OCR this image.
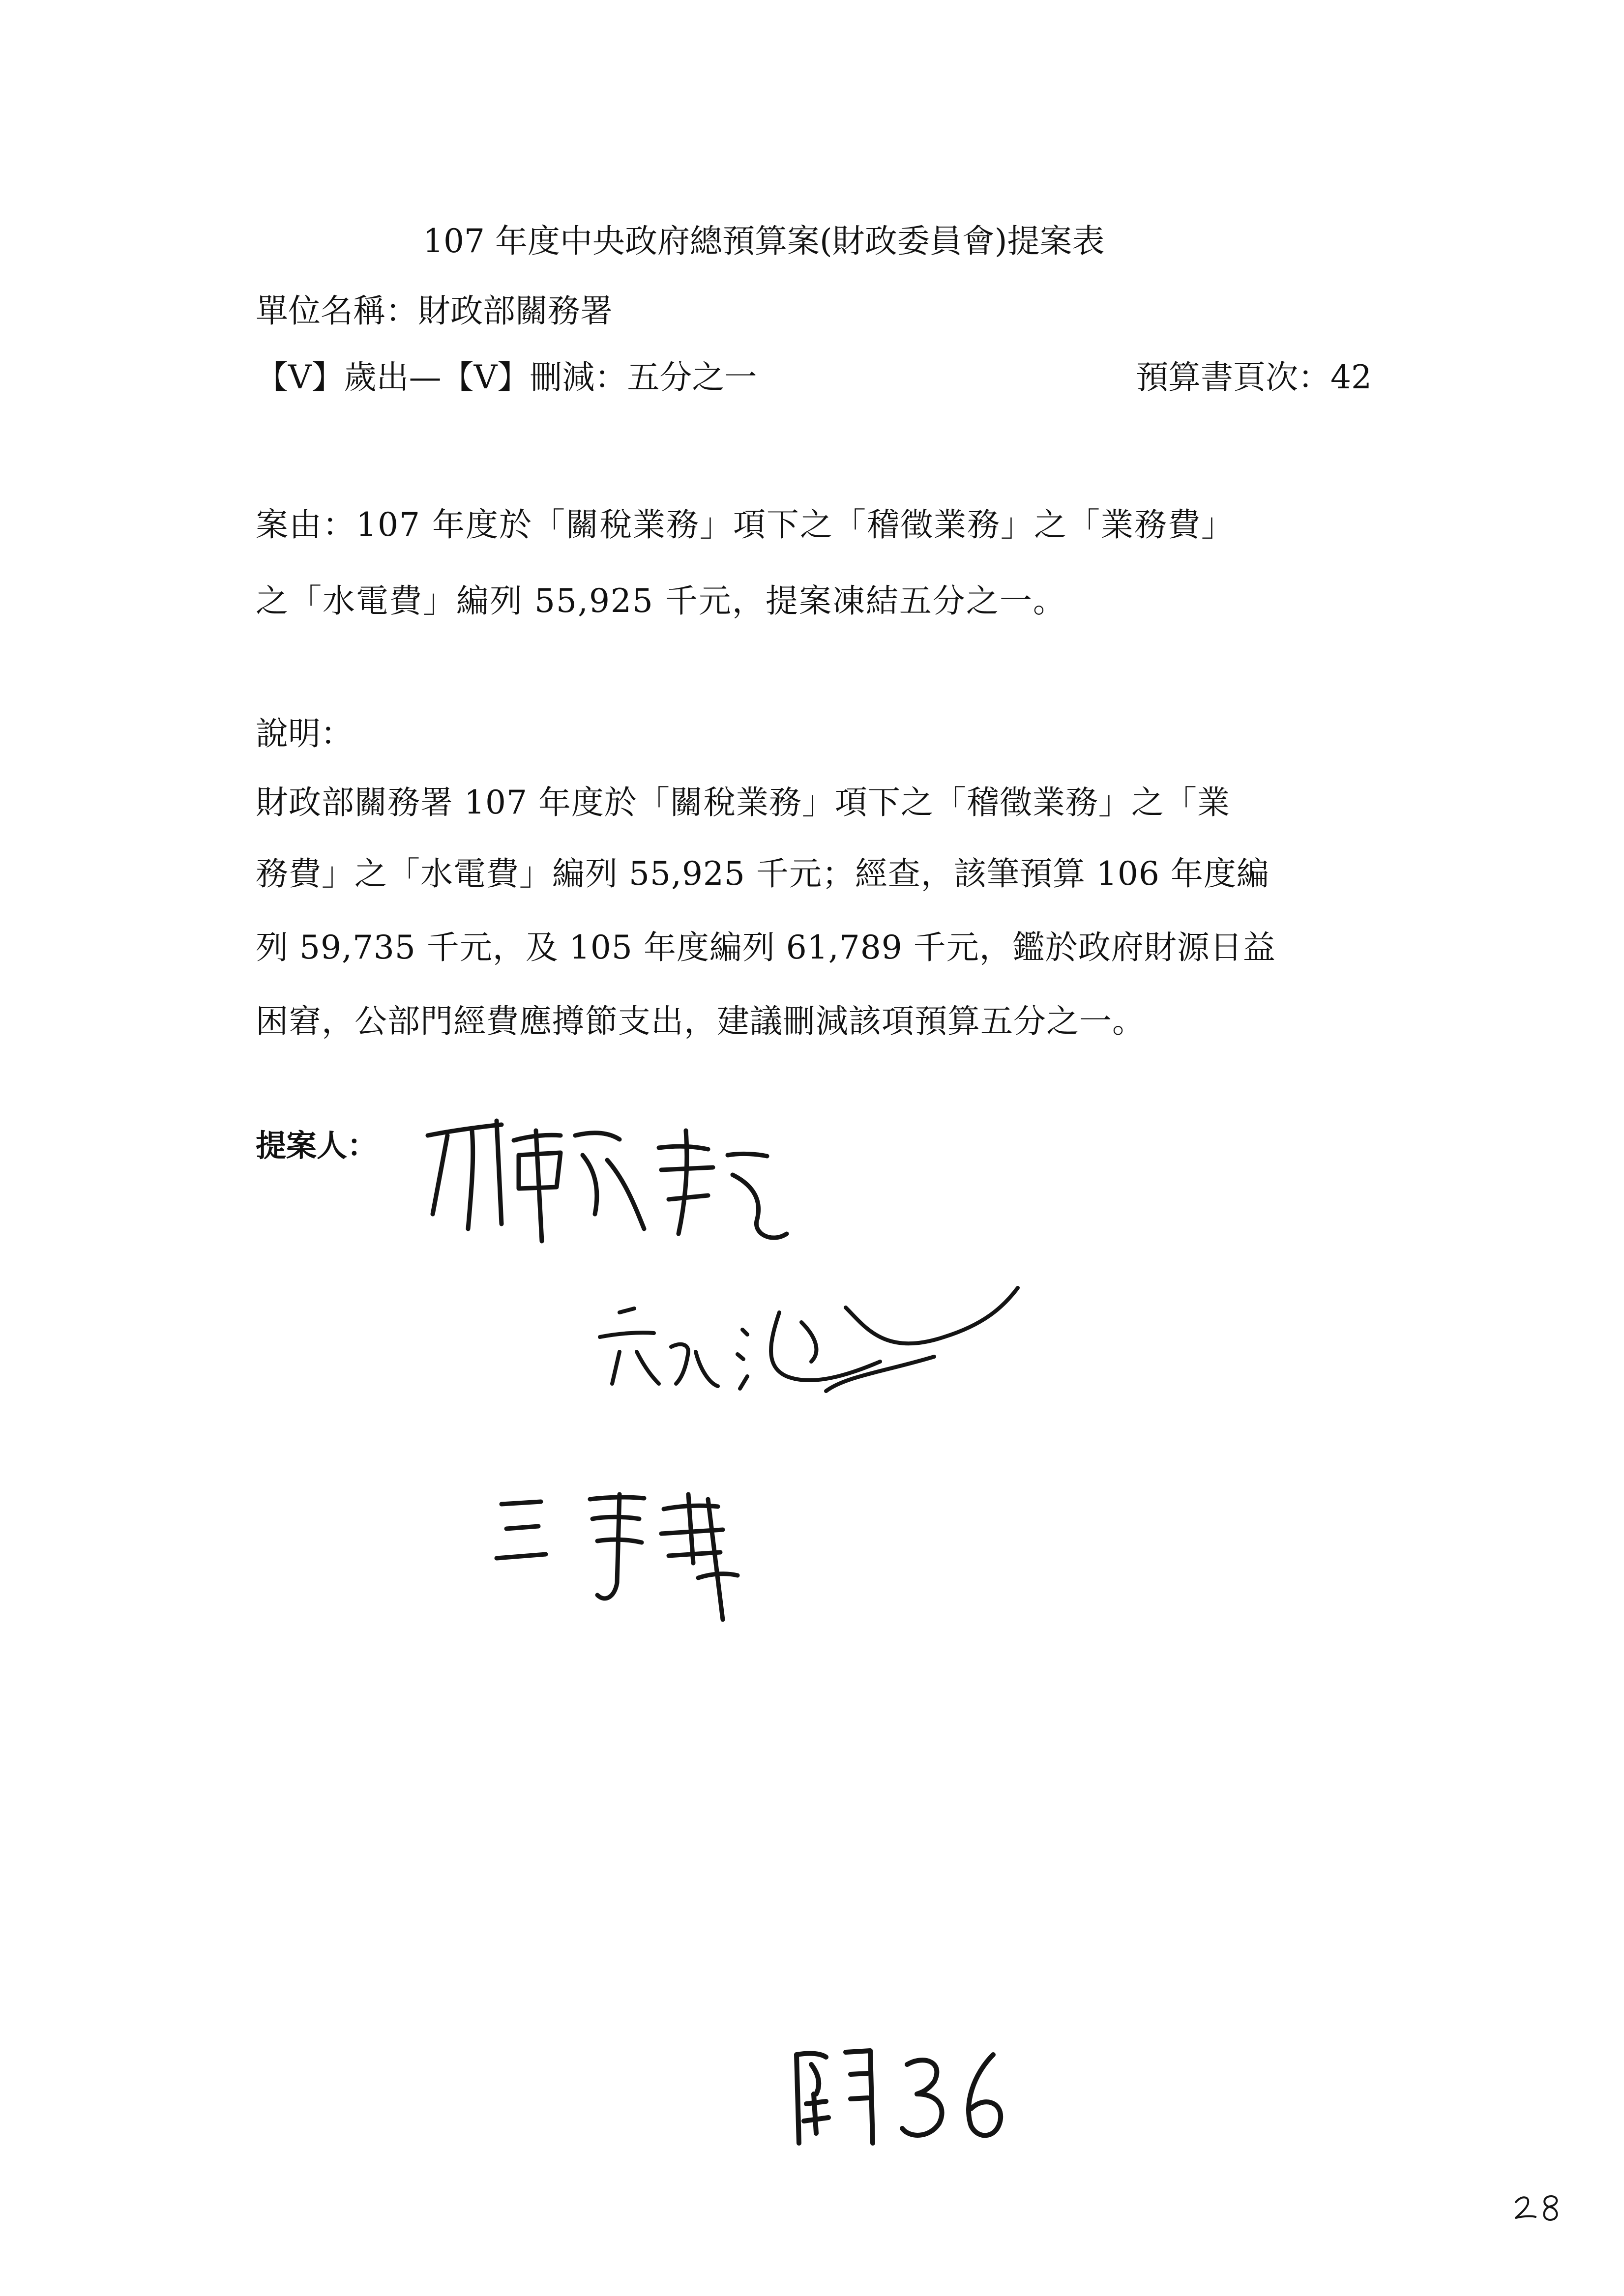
107 年度中央政府總預算案(財政委員會)提案表
單位名稱：財政部關務署
【V】歲出—【V】刪減：五分之一	預算書頁次：42
案由：107 年度於「關稅業務」項下之「稽徵業務」之「業務費」
之「水電費」編列 55,925 千元，提案凍結五分之一。
說明：
財政部關務署 107 年度於「關稅業務」項下之「稽徵業務」之「業
務費」之「水電費」編列 55,925 千元；經查，該筆預算 106 年度編
列 59,735 千元，及 105 年度編列 61,789 千元，鑑於政府財源日益
困窘，公部門經費應撙節支出，建議刪減該項預算五分之一。
提案人：
